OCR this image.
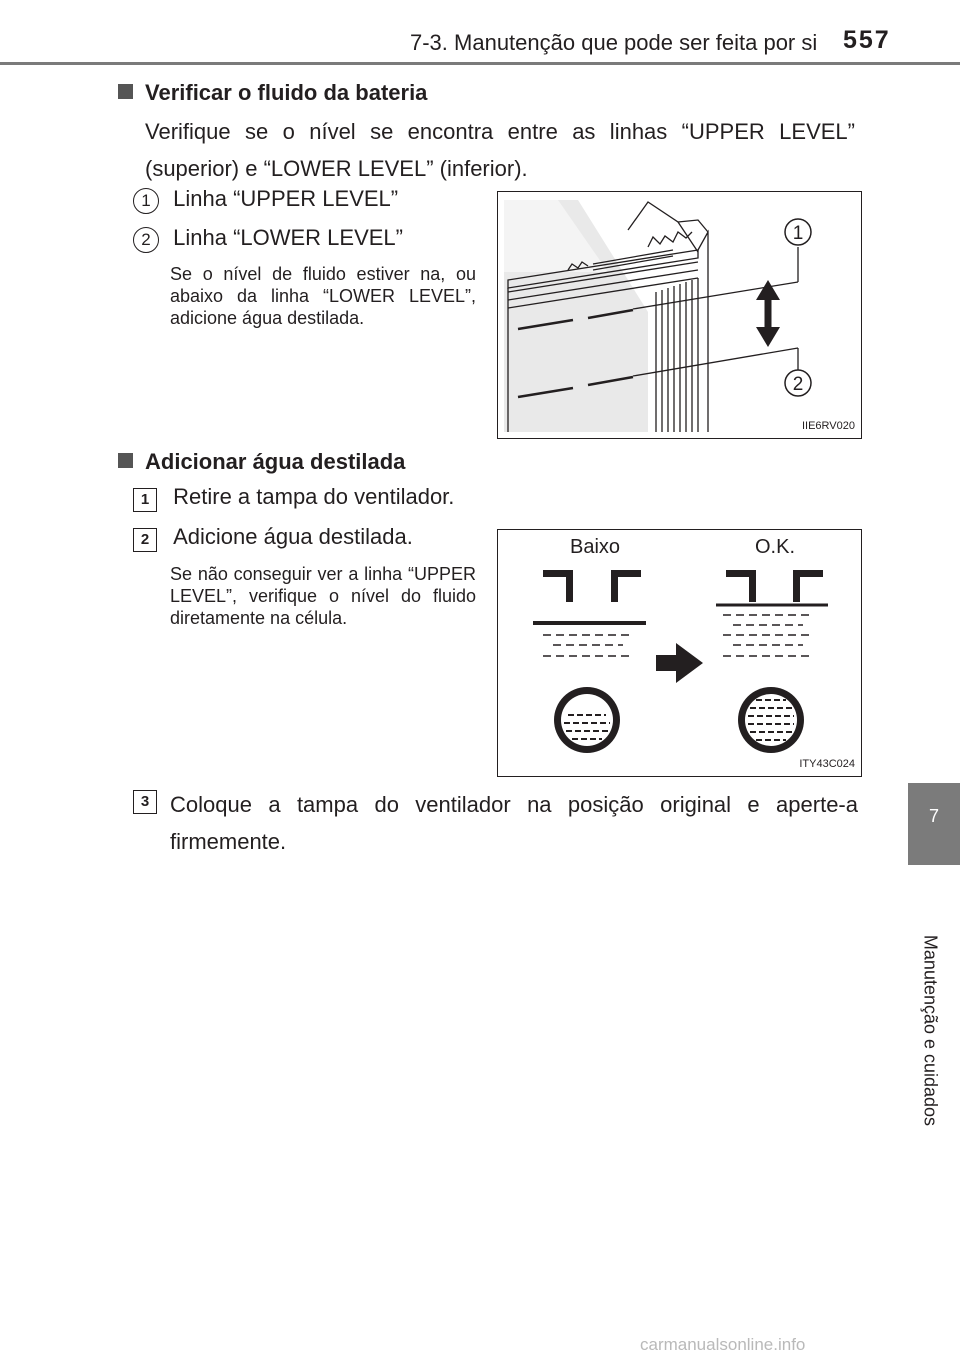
7-3. Manutenção que pode ser feita por si 557
7
Manutenção e cuidados
Verificar o fluido da bateria
Verifique se o nível se encontra entre as linhas “UPPER LEVEL” (superior) e “LOWER LEVEL” (inferior).
1 Linha “UPPER LEVEL”
2 Linha “LOWER LEVEL”
Se o nível de fluido estiver na, ou abaixo da linha “LOWER LEVEL”, adicione água destilada.
1
2
IIE6RV020
Adicionar água destilada
1 Retire a tampa do ventilador.
2 Adicione água destilada.
Se não conseguir ver a linha “UPPER LEVEL”, verifique o nível do fluido diretamente na célula.
Baixo	O.K.
ITY43C024
3 Coloque a tampa do ventilador na posição original e aperte-a firmemente.
carmanualsonline.info
